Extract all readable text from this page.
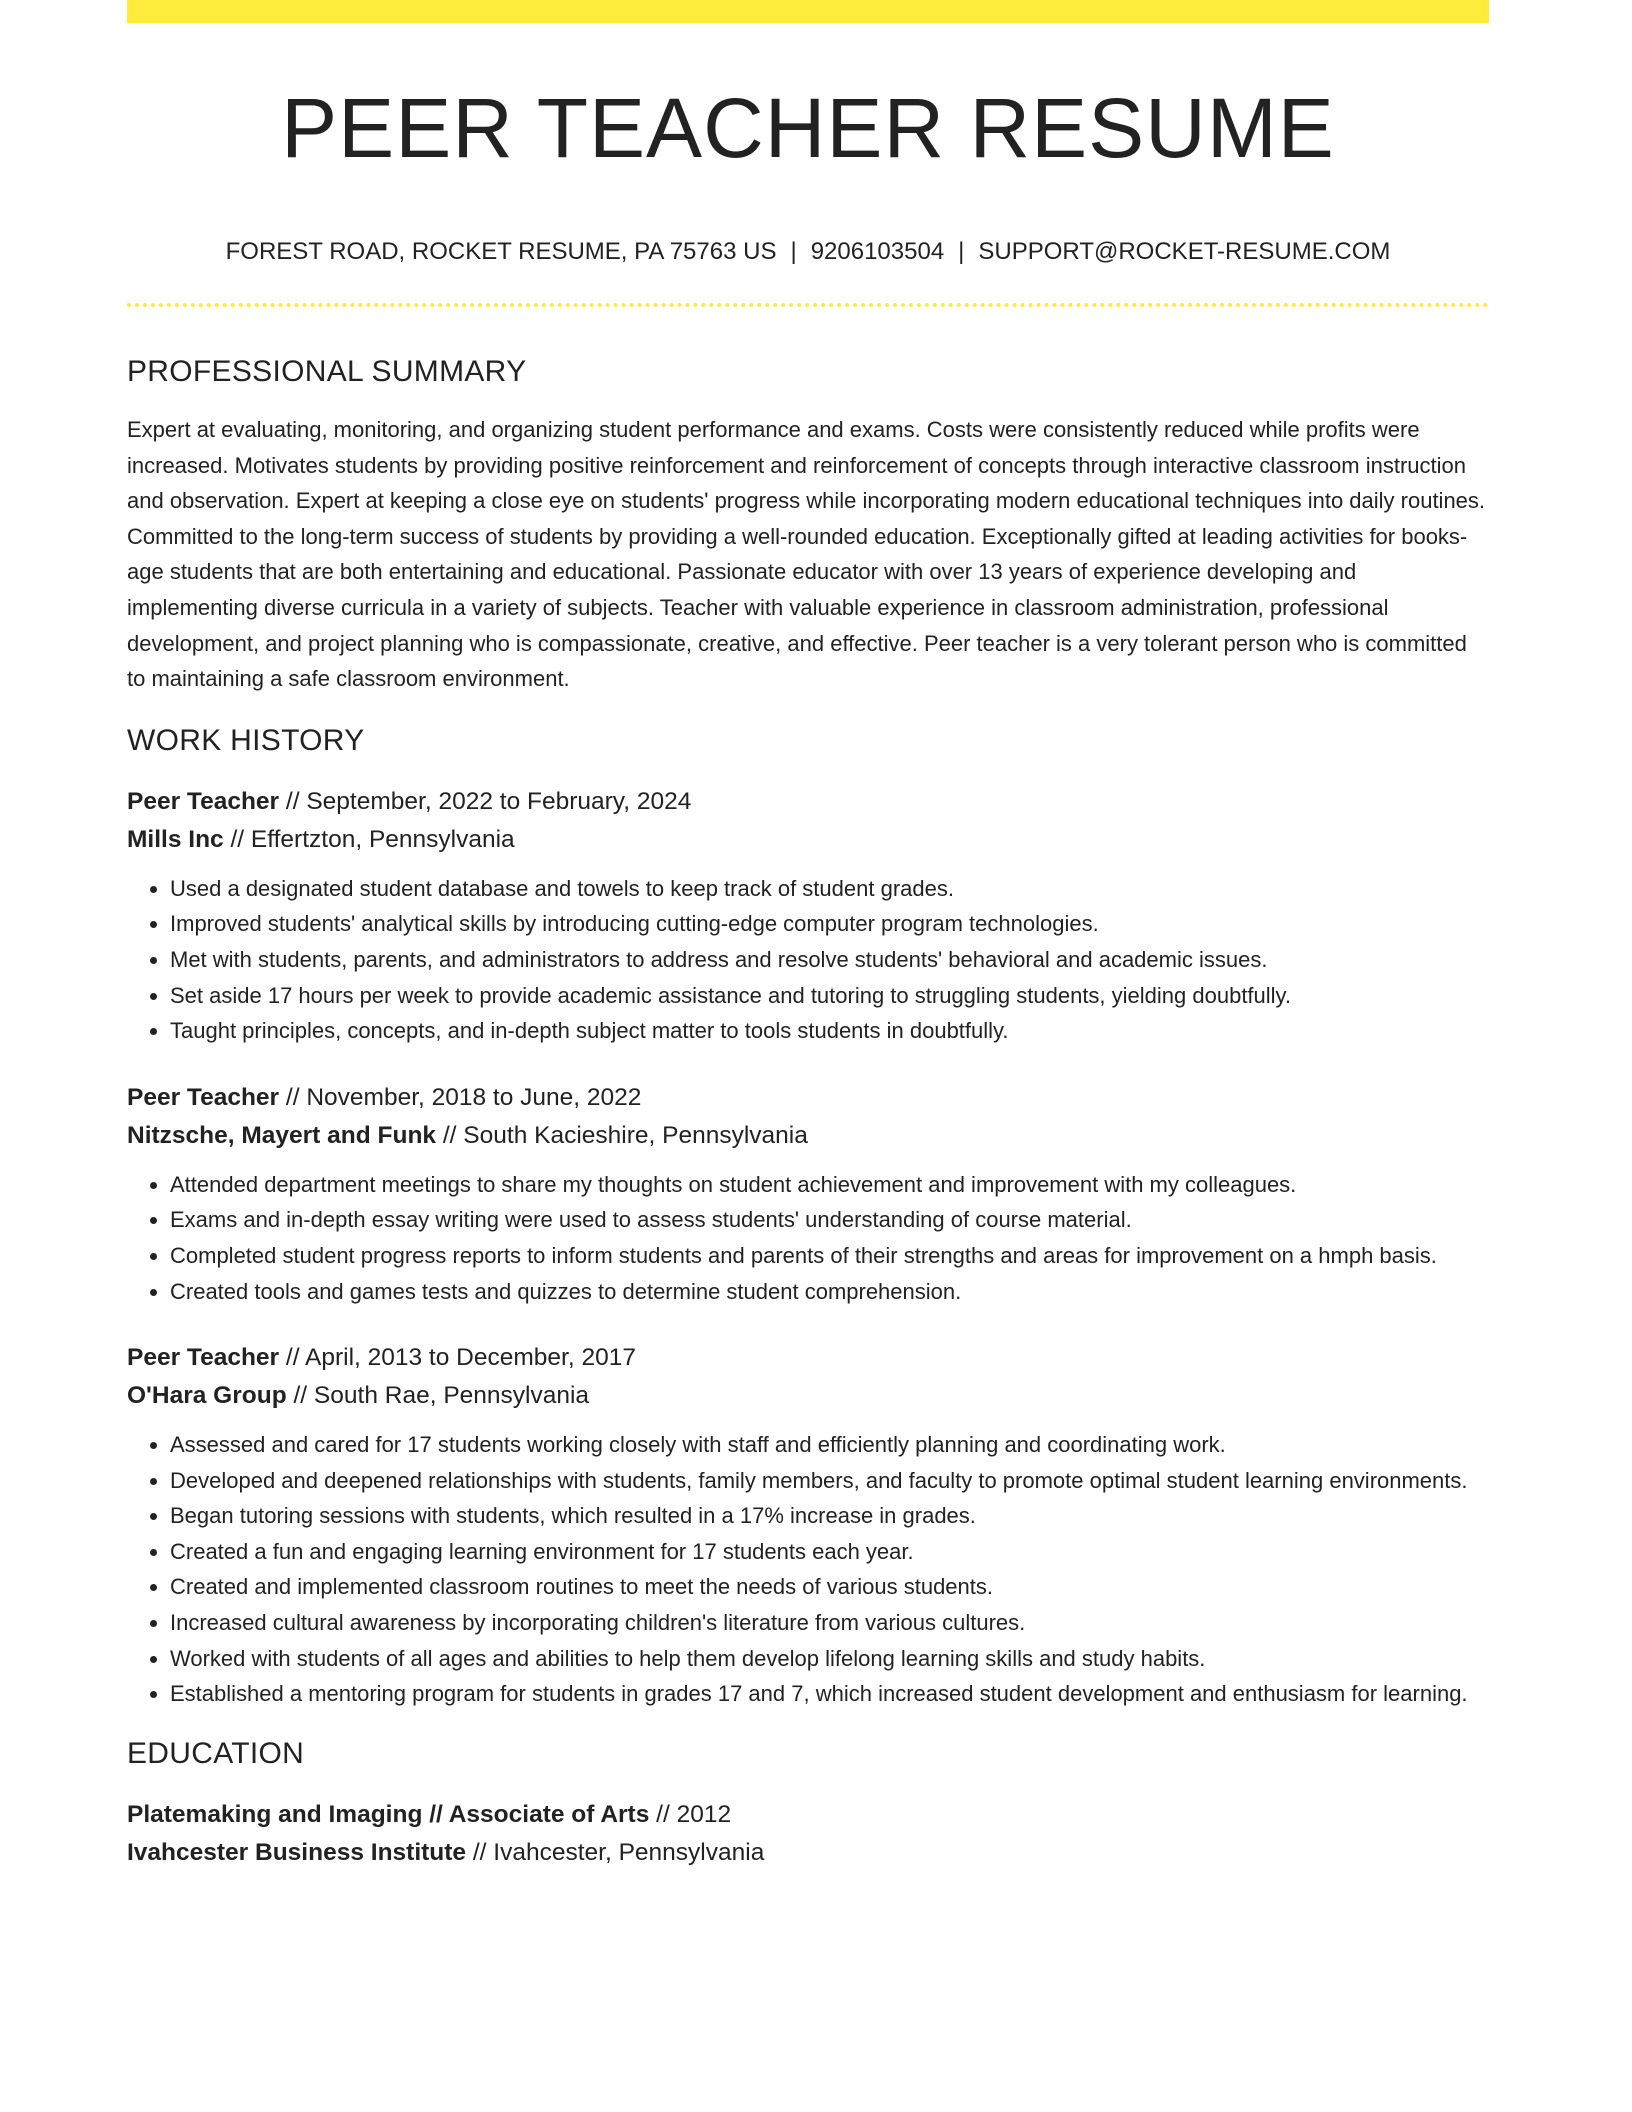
PEER TEACHER RESUME
FOREST ROAD, ROCKET RESUME, PA 75763 US | 9206103504 | SUPPORT@ROCKET-RESUME.COM
PROFESSIONAL SUMMARY

Expert at evaluating, monitoring, and organizing student performance and exams. Costs were consistently reduced while profits were increased. Motivates students by providing positive reinforcement and reinforcement of concepts through interactive classroom instruction and observation. Expert at keeping a close eye on students' progress while incorporating modern educational techniques into daily routines. Committed to the long-term success of students by providing a well-rounded education. Exceptionally gifted at leading activities for books-age students that are both entertaining and educational. Passionate educator with over 13 years of experience developing and implementing diverse curricula in a variety of subjects. Teacher with valuable experience in classroom administration, professional development, and project planning who is compassionate, creative, and effective. Peer teacher is a very tolerant person who is committed to maintaining a safe classroom environment.

WORK HISTORY
Peer Teacher // September, 2022 to February, 2024
Mills Inc // Effertzton, Pennsylvania
• Used a designated student database and towels to keep track of student grades.
• Improved students' analytical skills by introducing cutting-edge computer program technologies.
• Met with students, parents, and administrators to address and resolve students' behavioral and academic issues.
• Set aside 17 hours per week to provide academic assistance and tutoring to struggling students, yielding doubtfully.
• Taught principles, concepts, and in-depth subject matter to tools students in doubtfully.
Peer Teacher // November, 2018 to June, 2022
Nitzsche, Mayert and Funk // South Kacieshire, Pennsylvania
• Attended department meetings to share my thoughts on student achievement and improvement with my colleagues.
• Exams and in-depth essay writing were used to assess students' understanding of course material.
• Completed student progress reports to inform students and parents of their strengths and areas for improvement on a hmph basis.
• Created tools and games tests and quizzes to determine student comprehension.
Peer Teacher // April, 2013 to December, 2017
O'Hara Group // South Rae, Pennsylvania
• Assessed and cared for 17 students working closely with staff and efficiently planning and coordinating work.
• Developed and deepened relationships with students, family members, and faculty to promote optimal student learning environments.
• Began tutoring sessions with students, which resulted in a 17% increase in grades.
• Created a fun and engaging learning environment for 17 students each year.
• Created and implemented classroom routines to meet the needs of various students.
• Increased cultural awareness by incorporating children's literature from various cultures.
• Worked with students of all ages and abilities to help them develop lifelong learning skills and study habits.
• Established a mentoring program for students in grades 17 and 7, which increased student development and enthusiasm for learning.
EDUCATION
Platemaking and Imaging // Associate of Arts // 2012
Ivahcester Business Institute // Ivahcester, Pennsylvania
